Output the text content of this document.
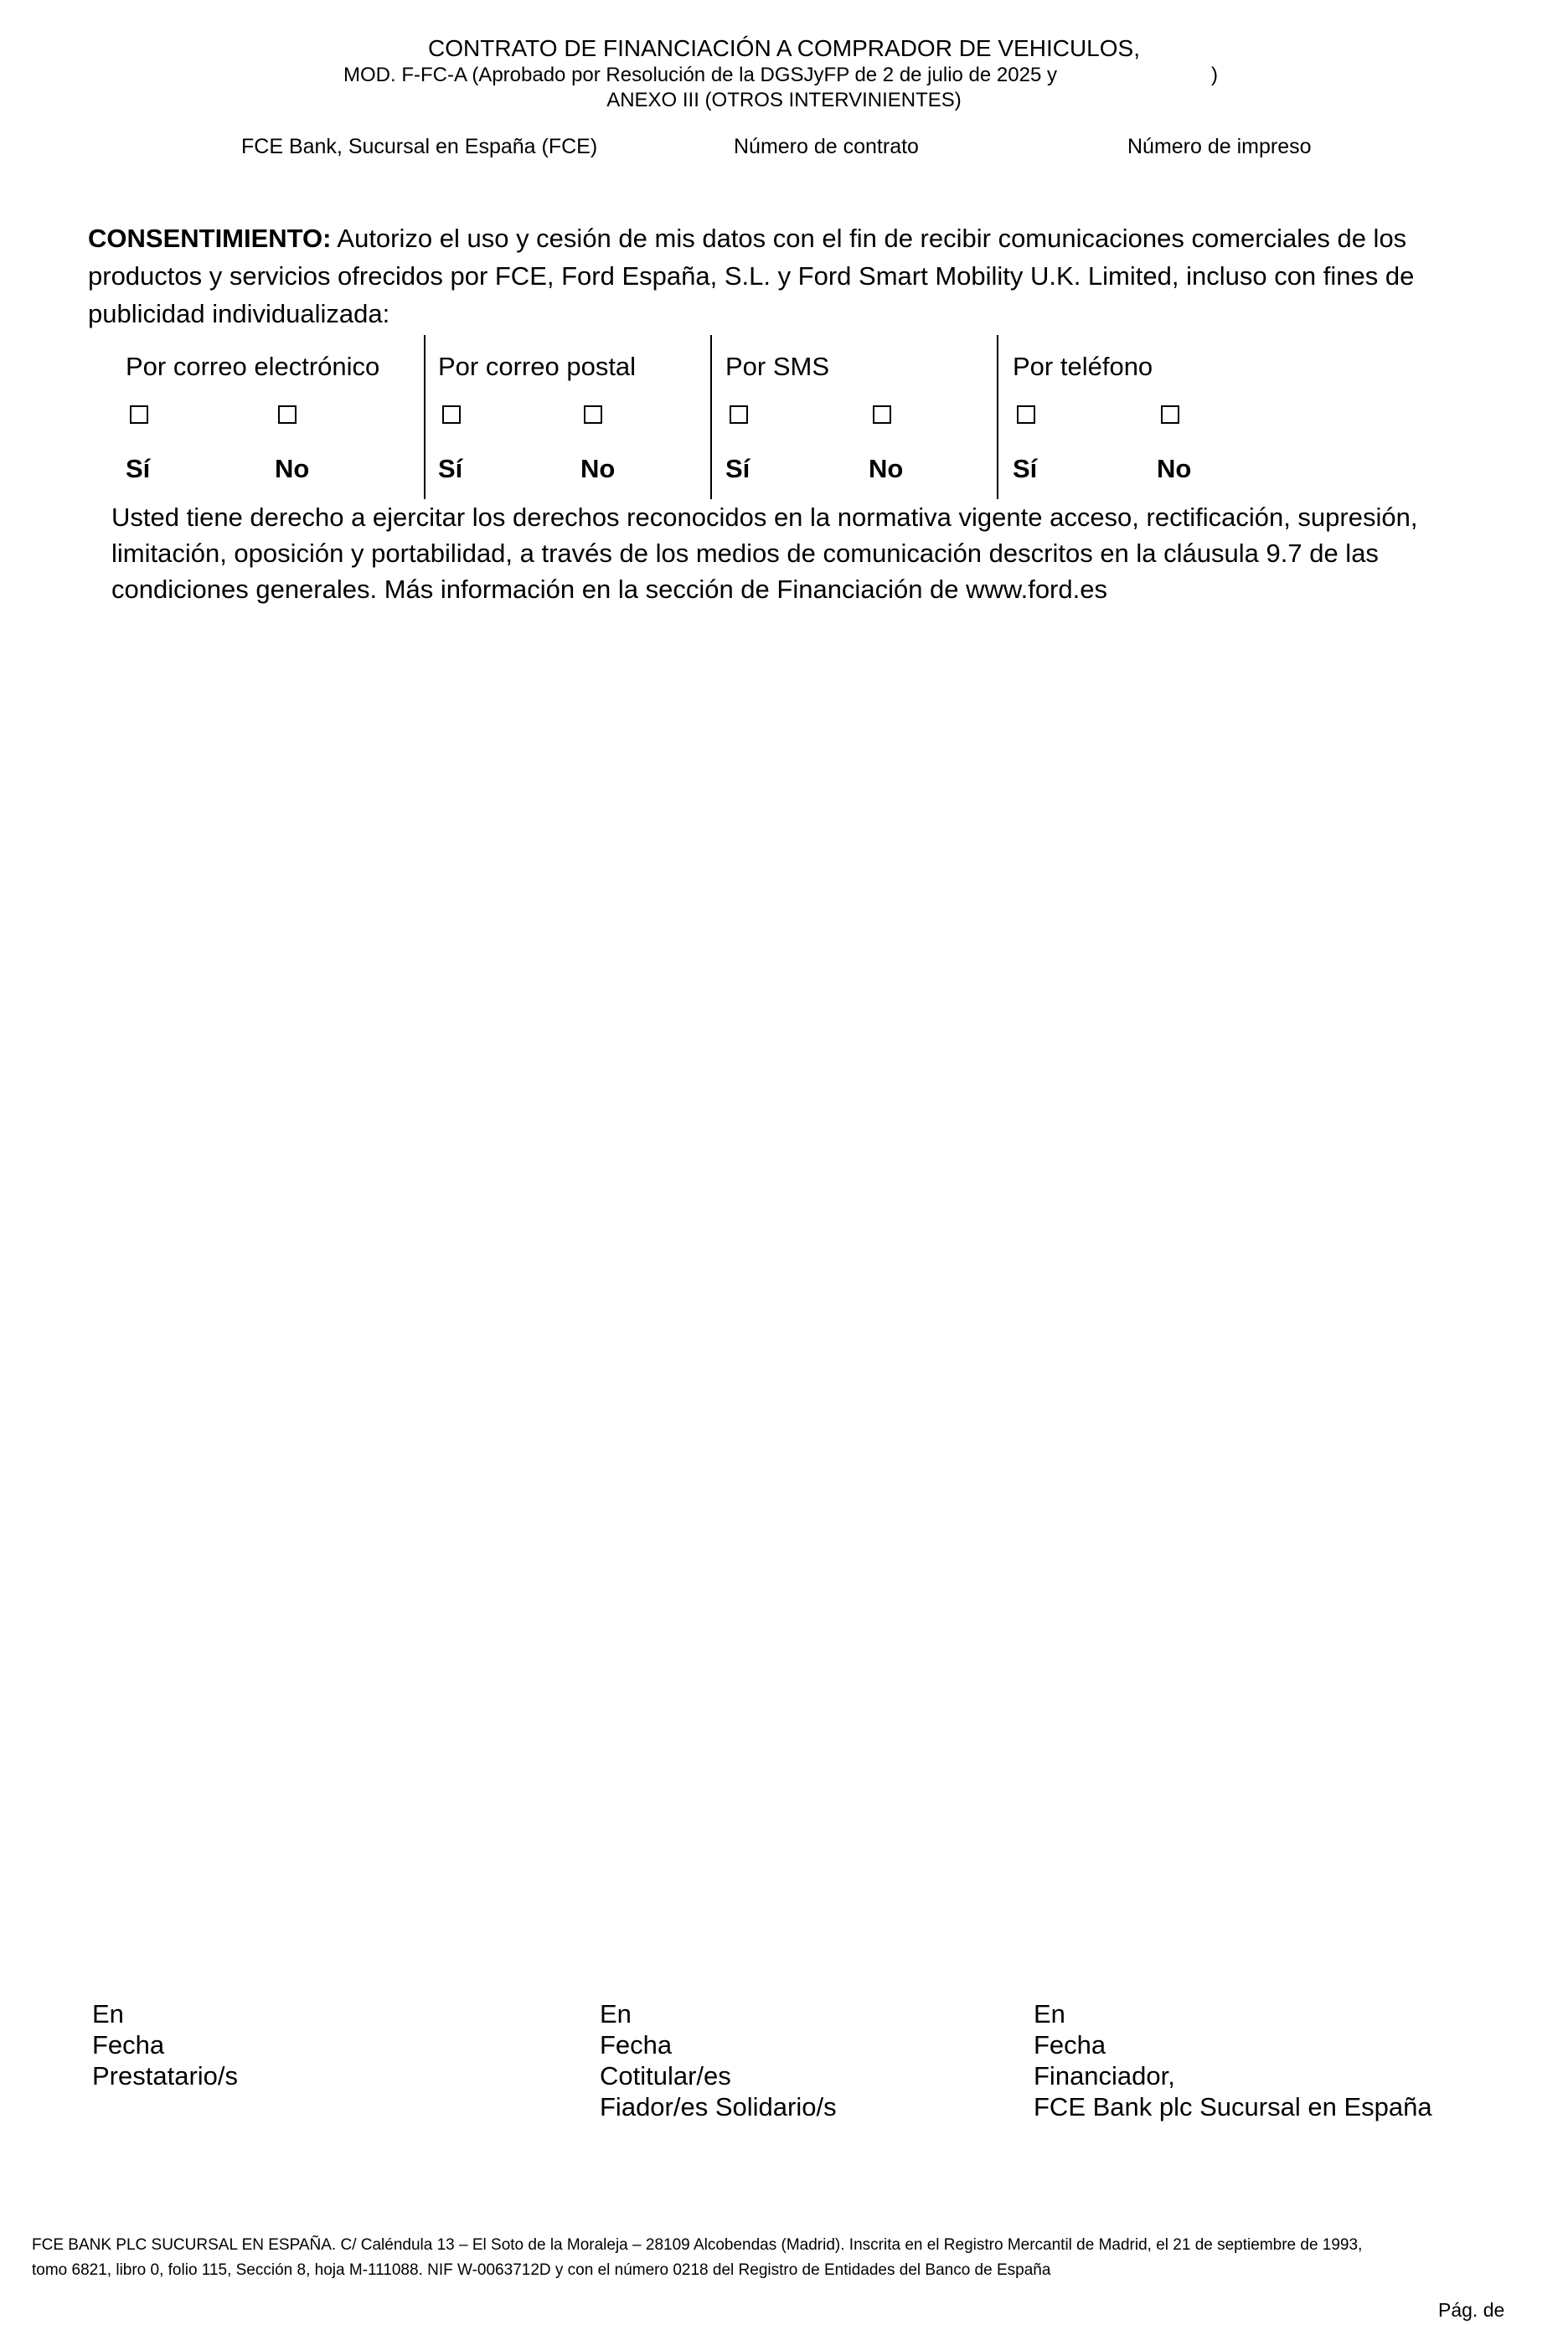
CONTRATO DE FINANCIACIÓN A COMPRADOR DE VEHICULOS,
MOD. F-FC-A (Aprobado por Resolución de la DGSJyFP de 2 de julio de 2025 y	)
ANEXO III (OTROS INTERVINIENTES)
FCE Bank, Sucursal en España (FCE)	Número de contrato	Número de impreso
CONSENTIMIENTO: Autorizo el uso y cesión de mis datos con el fin de recibir comunicaciones comerciales de los productos y servicios ofrecidos por FCE, Ford España, S.L. y Ford Smart Mobility U.K. Limited, incluso con fines de publicidad individualizada:
Por correo electrónico
Sí	No
Por correo postal
Sí	No
Por SMS
Sí	No
Por teléfono
Sí	No
Usted tiene derecho a ejercitar los derechos reconocidos en la normativa vigente acceso, rectificación, supresión, limitación, oposición y portabilidad, a través de los medios de comunicación descritos en la cláusula 9.7 de las condiciones generales. Más información en la sección de Financiación de www.ford.es
En
Fecha
Prestatario/s
En
Fecha
Cotitular/es
Fiador/es Solidario/s
En
Fecha
Financiador,
FCE Bank plc Sucursal en España
FCE BANK PLC SUCURSAL EN ESPAÑA. C/ Caléndula 13 – El Soto de la Moraleja – 28109 Alcobendas (Madrid). Inscrita en el Registro Mercantil de Madrid, el 21 de septiembre de 1993,
tomo 6821, libro 0, folio 115, Sección 8, hoja M-111088. NIF W-0063712D y con el número 0218 del Registro de Entidades del Banco de España
Pág. de
